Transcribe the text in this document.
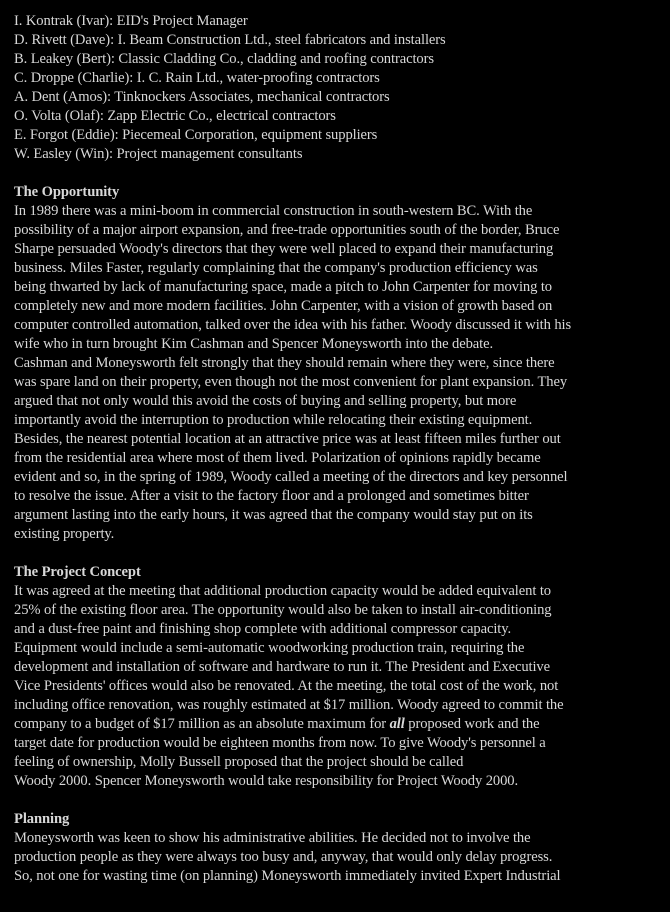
I. Kontrak (Ivar): EID's Project Manager
D. Rivett (Dave): I. Beam Construction Ltd., steel fabricators and installers
B. Leakey (Bert): Classic Cladding Co., cladding and roofing contractors
C. Droppe (Charlie): I. C. Rain Ltd., water-proofing contractors
A. Dent (Amos): Tinknockers Associates, mechanical contractors
O. Volta (Olaf): Zapp Electric Co., electrical contractors
E. Forgot (Eddie): Piecemeal Corporation, equipment suppliers
W. Easley (Win): Project management consultants
The Opportunity
In 1989 there was a mini-boom in commercial construction in south-western BC. With the
possibility of a major airport expansion, and free-trade opportunities south of the border, Bruce
Sharpe persuaded Woody's directors that they were well placed to expand their manufacturing
business. Miles Faster, regularly complaining that the company's production efficiency was
being thwarted by lack of manufacturing space, made a pitch to John Carpenter for moving to
completely new and more modern facilities. John Carpenter, with a vision of growth based on
computer controlled automation, talked over the idea with his father. Woody discussed it with his
wife who in turn brought Kim Cashman and Spencer Moneysworth into the debate.
Cashman and Moneysworth felt strongly that they should remain where they were, since there
was spare land on their property, even though not the most convenient for plant expansion. They
argued that not only would this avoid the costs of buying and selling property, but more
importantly avoid the interruption to production while relocating their existing equipment.
Besides, the nearest potential location at an attractive price was at least fifteen miles further out
from the residential area where most of them lived. Polarization of opinions rapidly became
evident and so, in the spring of 1989, Woody called a meeting of the directors and key personnel
to resolve the issue. After a visit to the factory floor and a prolonged and sometimes bitter
argument lasting into the early hours, it was agreed that the company would stay put on its
existing property.
The Project Concept
It was agreed at the meeting that additional production capacity would be added equivalent to
25% of the existing floor area. The opportunity would also be taken to install air-conditioning
and a dust-free paint and finishing shop complete with additional compressor capacity.
Equipment would include a semi-automatic woodworking production train, requiring the
development and installation of software and hardware to run it. The President and Executive
Vice Presidents' offices would also be renovated. At the meeting, the total cost of the work, not
including office renovation, was roughly estimated at $17 million. Woody agreed to commit the
company to a budget of $17 million as an absolute maximum for all proposed work and the
target date for production would be eighteen months from now. To give Woody's personnel a
feeling of ownership, Molly Bussell proposed that the project should be called
Woody 2000. Spencer Moneysworth would take responsibility for Project Woody 2000.
Planning
Moneysworth was keen to show his administrative abilities. He decided not to involve the
production people as they were always too busy and, anyway, that would only delay progress.
So, not one for wasting time (on planning) Moneysworth immediately invited Expert Industrial
